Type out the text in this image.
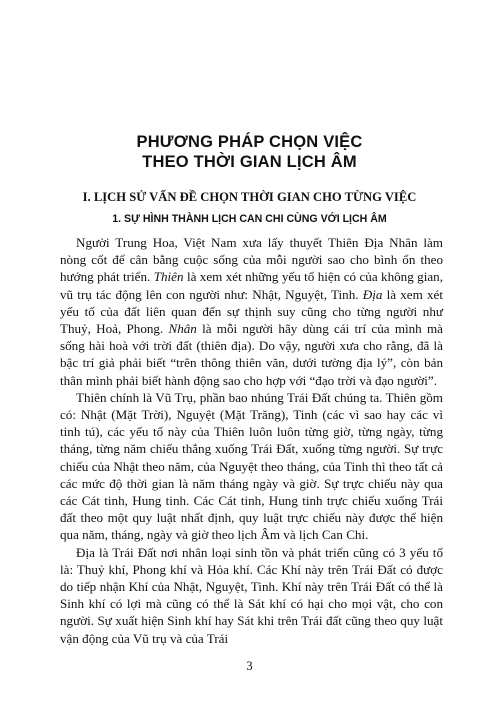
PHƯƠNG PHÁP CHỌN VIỆC
THEO THỜI GIAN LỊCH ÂM
I. LỊCH SỬ VẤN ĐỀ CHỌN THỜI GIAN CHO TỪNG VIỆC
1. SỰ HÌNH THÀNH LỊCH CAN CHI CÙNG VỚI LỊCH ÂM

Người Trung Hoa, Việt Nam xưa lấy thuyết Thiên Địa Nhân làm nòng cốt để cân bằng cuộc sống của mỗi người sao cho bình ổn theo hướng phát triển. Thiên là xem xét những yếu tố hiện có của không gian, vũ trụ tác động lên con người như: Nhật, Nguyệt, Tinh. Địa là xem xét yếu tố của đất liên quan đến sự thịnh suy cũng cho từng người như Thuỷ, Hoả, Phong. Nhân là mỗi người hãy dùng cái trí của mình mà sống hài hoà với trời đất (thiên địa). Do vậy, người xưa cho rằng, đã là bậc trí giả phải biết “trên thông thiên văn, dưới tường địa lý”, còn bản thân mình phải biết hành động sao cho hợp với “đạo trời và đạo người”.

Thiên chính là Vũ Trụ, phần bao nhúng Trái Đất chúng ta. Thiên gồm có: Nhật (Mặt Trời), Nguyệt (Mặt Trăng), Tinh (các vì sao hay các vì tinh tú), các yếu tố này của Thiên luôn luôn từng giờ, từng ngày, từng tháng, từng năm chiếu thẳng xuống Trái Đất, xuống từng người. Sự trực chiếu của Nhật theo năm, của Nguyệt theo tháng, của Tinh thì theo tất cả các mức độ thời gian là năm tháng ngày và giờ. Sự trực chiếu này qua các Cát tinh, Hung tinh. Các Cát tinh, Hung tinh trực chiếu xuống Trái đất theo một quy luật nhất định, quy luật trực chiếu này được thể hiện qua năm, tháng, ngày và giờ theo lịch Âm và lịch Can Chi.

Địa là Trái Đất nơi nhân loại sinh tồn và phát triển cũng có 3 yếu tố là: Thuỷ khí, Phong khí và Hỏa khí. Các Khí này trên Trái Đất có được do tiếp nhận Khí của Nhật, Nguyệt, Tinh. Khí này trên Trái Đất có thể là Sinh khí có lợi mà cũng có thể là Sát khí có hại cho mọi vật, cho con người. Sự xuất hiện Sinh khí hay Sát khi trên Trái đất cũng theo quy luật vận động của Vũ trụ và của Trái

3
